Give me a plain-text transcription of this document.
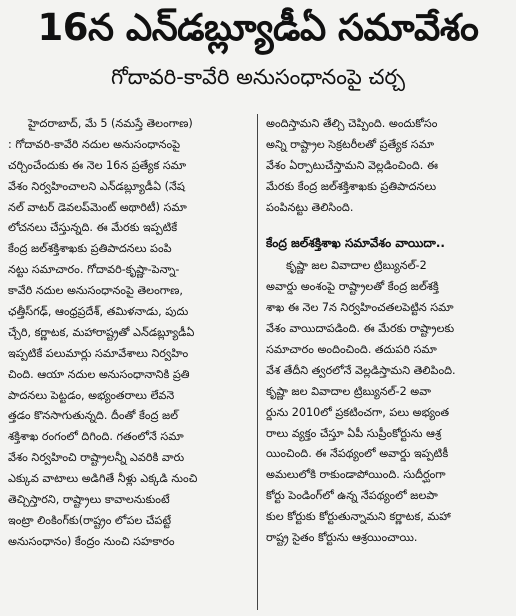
16న ఎన్‌డబ్ల్యూడీఏ సమావేశం
గోదావరి-కావేరి అనుసంధానంపై చర్చ
హైదరాబాద్, మే 5 (నమస్తే తెలంగాణ)
: గోదావరి-కావేరి నదుల అనుసంధానంపై
చర్చించేందుకు ఈ నెల 16న ప్రత్యేక సమా
వేశం నిర్వహించాలని ఎన్‌డబ్ల్యూడీఏ (నేష
నల్ వాటర్ డెవలప్‌మెంట్ అథారిటీ) సమా
లోచనలు చేస్తున్నది. ఈ మేరకు ఇప్పటికే
కేంద్ర జల్‌శక్తిశాఖకు ప్రతిపాదనలు పంపి
నట్టు సమాచారం. గోదావరి-కృష్ణా-పెన్నా-
కావేరి నదుల అనుసంధానంపై తెలంగాణ,
ఛత్తీస్‌గఢ్, ఆంధ్రప్రదేశ్, తమిళనాడు, పుదు
చ్చేరి, కర్ణాటక, మహారాష్ట్రతో ఎన్‌డబ్ల్యూడీఏ
ఇప్పటికే పలుమార్లు సమావేశాలు నిర్వహిం
చింది. ఆయా నదుల అనుసంధానానికి ప్రతి
పాదనలు పెట్టడం, అభ్యంతరాలు లేవనె
త్తడం కొనసాగుతున్నది. దీంతో కేంద్ర జల్
శక్తిశాఖ రంగంలో దిగింది. గతంలోనే సమా
వేశం నిర్వహించి రాష్ట్రాలన్నీ ఎవరికి వారు
ఎక్కువ వాటాలు అడిగితే నీళ్లు ఎక్కడి నుంచి
తెచ్చిస్తారని, రాష్ట్రాలు కావాలనుకుంటే
ఇంట్రా లింకింగ్‌కు(రాష్ట్రం లోపల చేపట్టే
అనుసంధానం) కేంద్రం నుంచి సహకారం
అందిస్తామని తేల్చి చెప్పింది. అందుకోసం
అన్ని రాష్ట్రాల సెక్రటరీలతో ప్రత్యేక సమా
వేశం ఏర్పాటుచేస్తామని వెల్లడించింది. ఈ
మేరకు కేంద్ర జల్‌శక్తిశాఖకు ప్రతిపాదనలు
పంపినట్టు తెలిసింది.
కేంద్ర జల్‌శక్తిశాఖ సమావేశం వాయిదా..
కృష్ణా జల వివాదాల ట్రిబ్యునల్-2
అవార్డు అంశంపై రాష్ట్రాలతో కేంద్ర జల్‌శక్తి
శాఖ ఈ నెల 7న నిర్వహించతలపెట్టిన సమా
వేశం వాయిదాపడింది. ఈ మేరకు రాష్ట్రాలకు
సమాచారం అందించింది. తదుపరి సమా
వేశ తేదీని త్వరలోనే వెల్లడిస్తామని తెలిపింది.
కృష్ణా జల వివాదాల ట్రిబ్యునల్-2 అవా
ర్డును 2010లో ప్రకటించగా, పలు అభ్యంత
రాలు వ్యక్తం చేస్తూ ఏపీ సుప్రీంకోర్టును ఆశ్ర
యించింది. ఈ నేపథ్యంలో అవార్డు ఇప్పటికీ
అమలులోకి రాకుండాపోయింది. సుదీర్ఘంగా
కోర్టు పెండింగ్‌లో ఉన్న నేపథ్యంలో జలపా
కుల కోర్టుకు కోర్టుతున్నామని కర్ణాటక, మహా
రాష్ట్ర సైతం కోర్టును ఆశ్రయించాయి.
